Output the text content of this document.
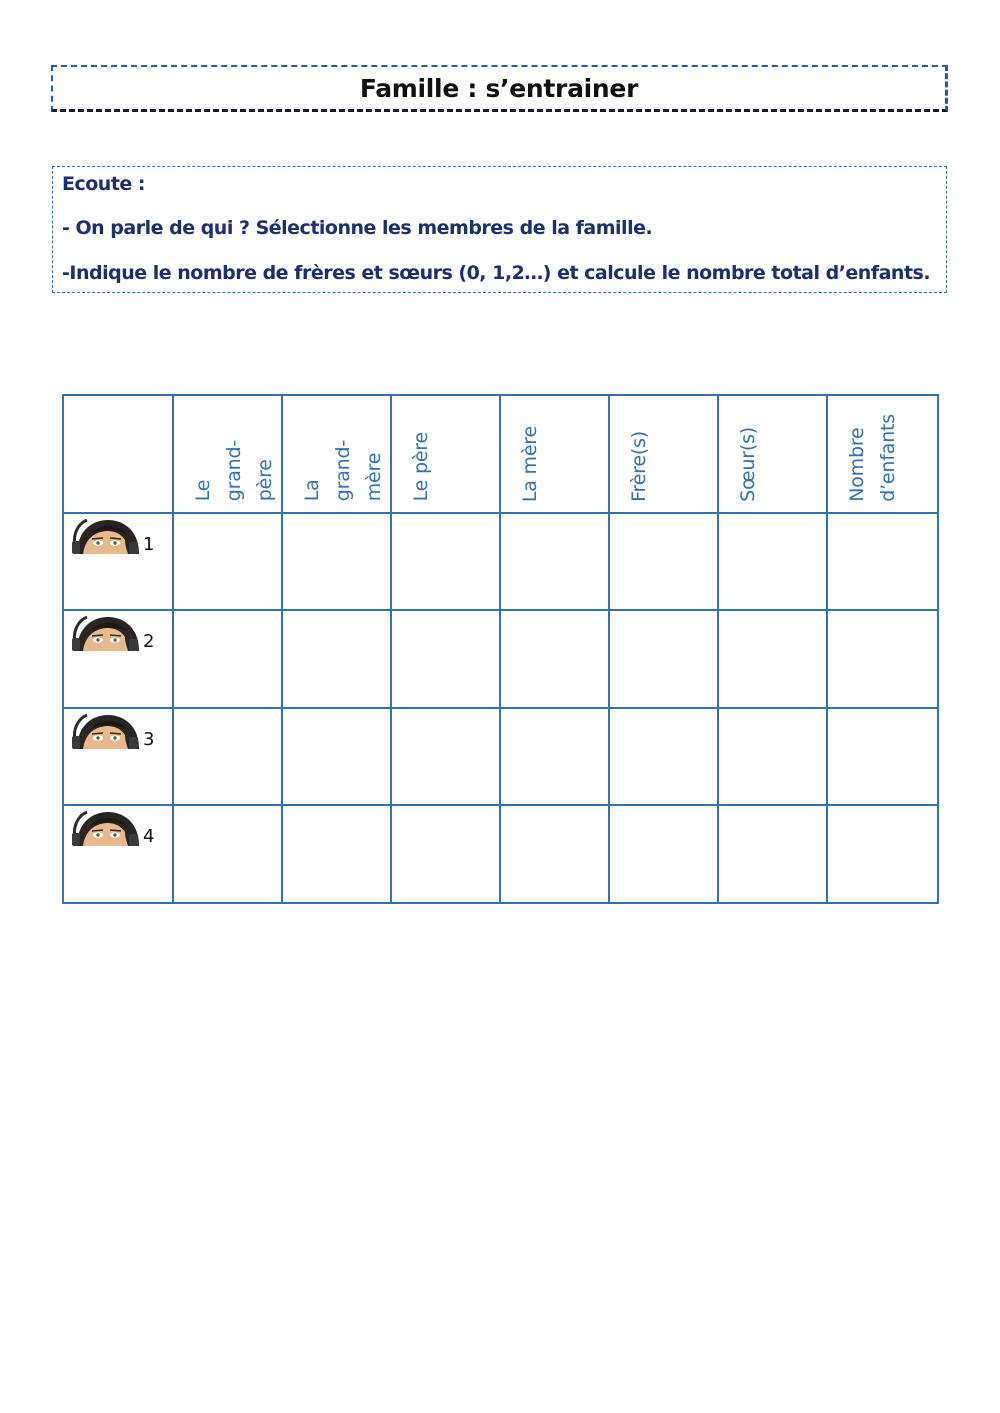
Famille : s’entrainer
Ecoute :
- On parle de qui ? Sélectionne les membres de la famille.
-Indique le nombre de frères et sœurs (0, 1,2…) et calcule le nombre total d’enfants.

	Le
grand-
père	La
grand-
mère	Le père	La mère	Frère(s)	Sœur(s)	Nombre
d’enfants

1							

2							

3							

4							
